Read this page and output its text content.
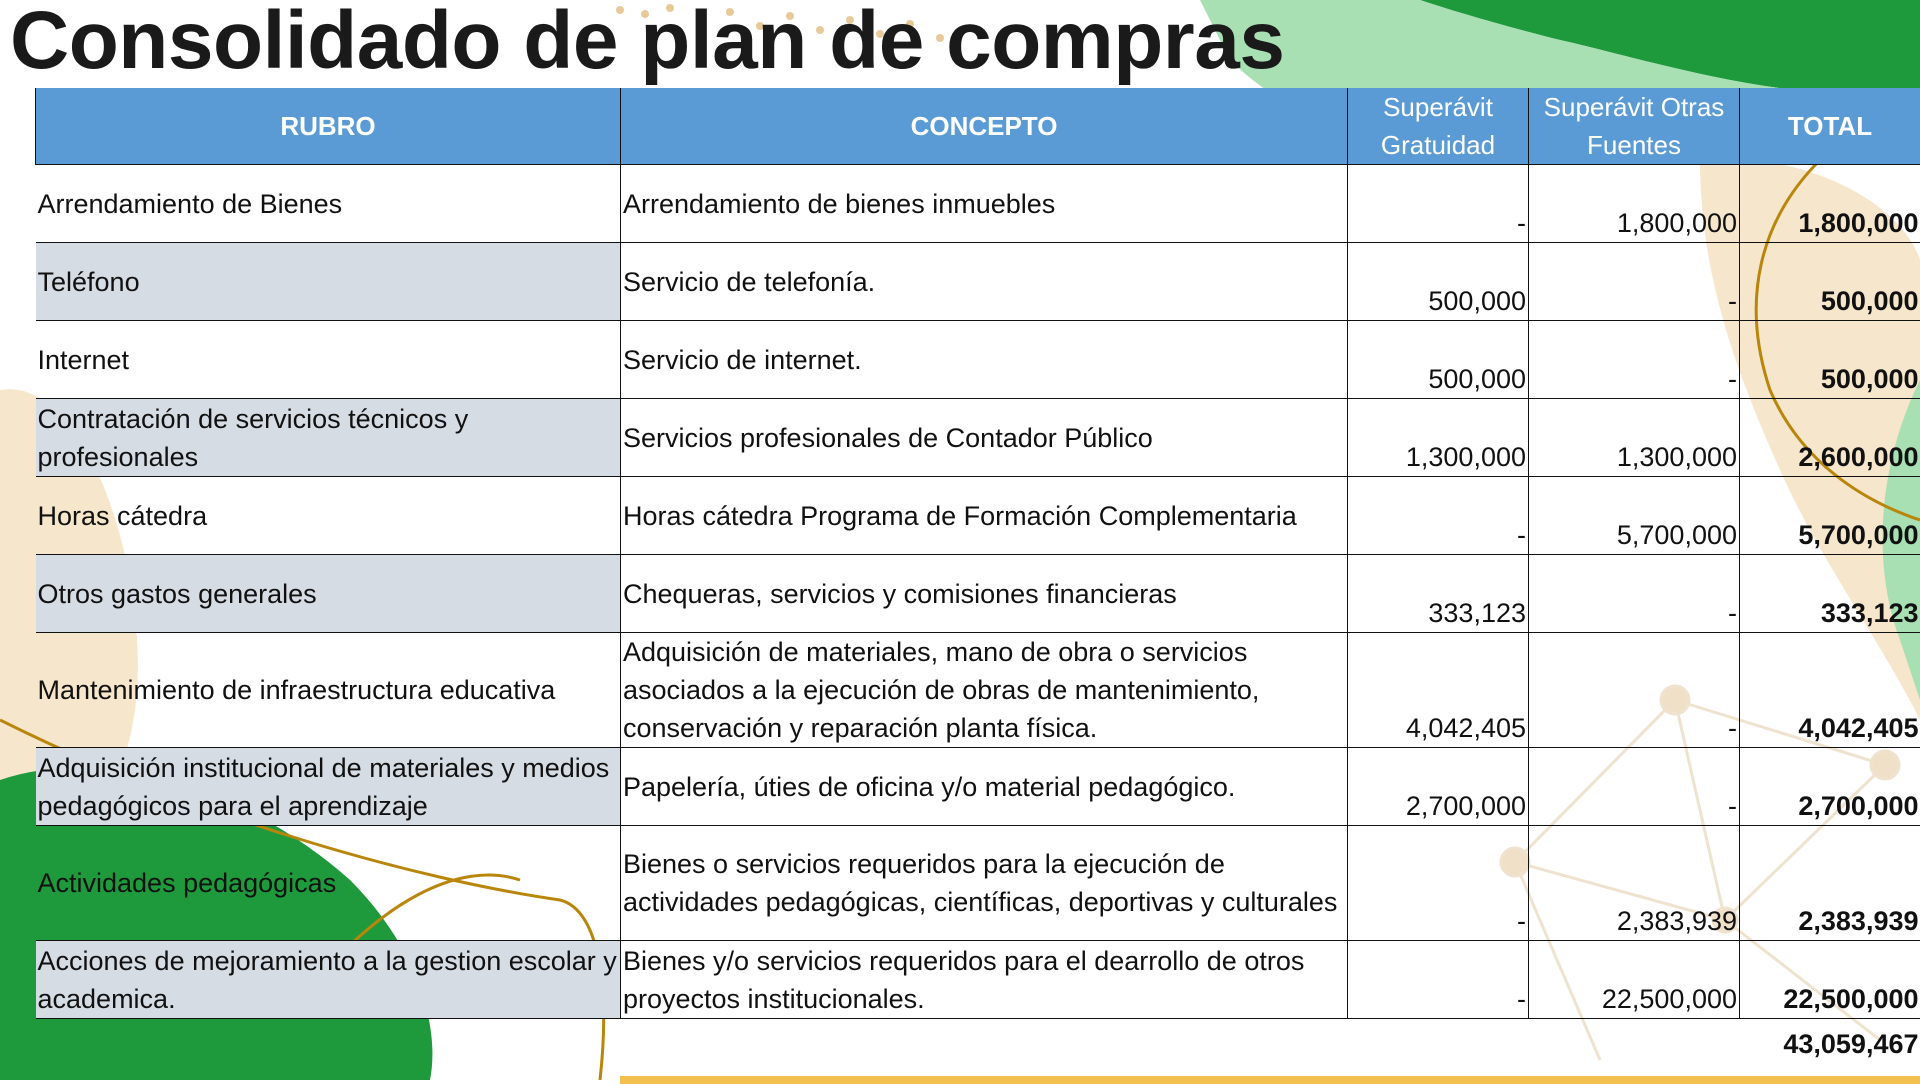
Consolidado de plan de compras
RUBRO	CONCEPTO	Superávit Gratuidad	Superávit Otras Fuentes	TOTAL
Arrendamiento de Bienes	Arrendamiento de bienes inmuebles	-	1,800,000	1,800,000
Teléfono	Servicio de telefonía.	500,000	-	500,000
Internet	Servicio de internet.	500,000	-	500,000
Contratación de servicios técnicos y profesionales	Servicios profesionales de Contador Público	1,300,000	1,300,000	2,600,000
Horas cátedra	Horas cátedra Programa de Formación Complementaria	-	5,700,000	5,700,000
Otros gastos generales	Chequeras, servicios y comisiones financieras	333,123	-	333,123
Mantenimiento de infraestructura educativa	Adquisición de materiales, mano de obra o servicios asociados a la ejecución de obras de mantenimiento, conservación y reparación planta física.	4,042,405	-	4,042,405
Adquisición institucional de materiales y medios pedagógicos para el aprendizaje	Papelería, úties de oficina y/o material pedagógico.	2,700,000	-	2,700,000
Actividades pedagógicas	Bienes o servicios requeridos para la ejecución de actividades pedagógicas, científicas, deportivas y culturales	-	2,383,939	2,383,939
Acciones de mejoramiento a la gestion escolar y academica.	Bienes y/o servicios requeridos para el dearrollo de otros proyectos institucionales.	-	22,500,000	22,500,000
				43,059,467
